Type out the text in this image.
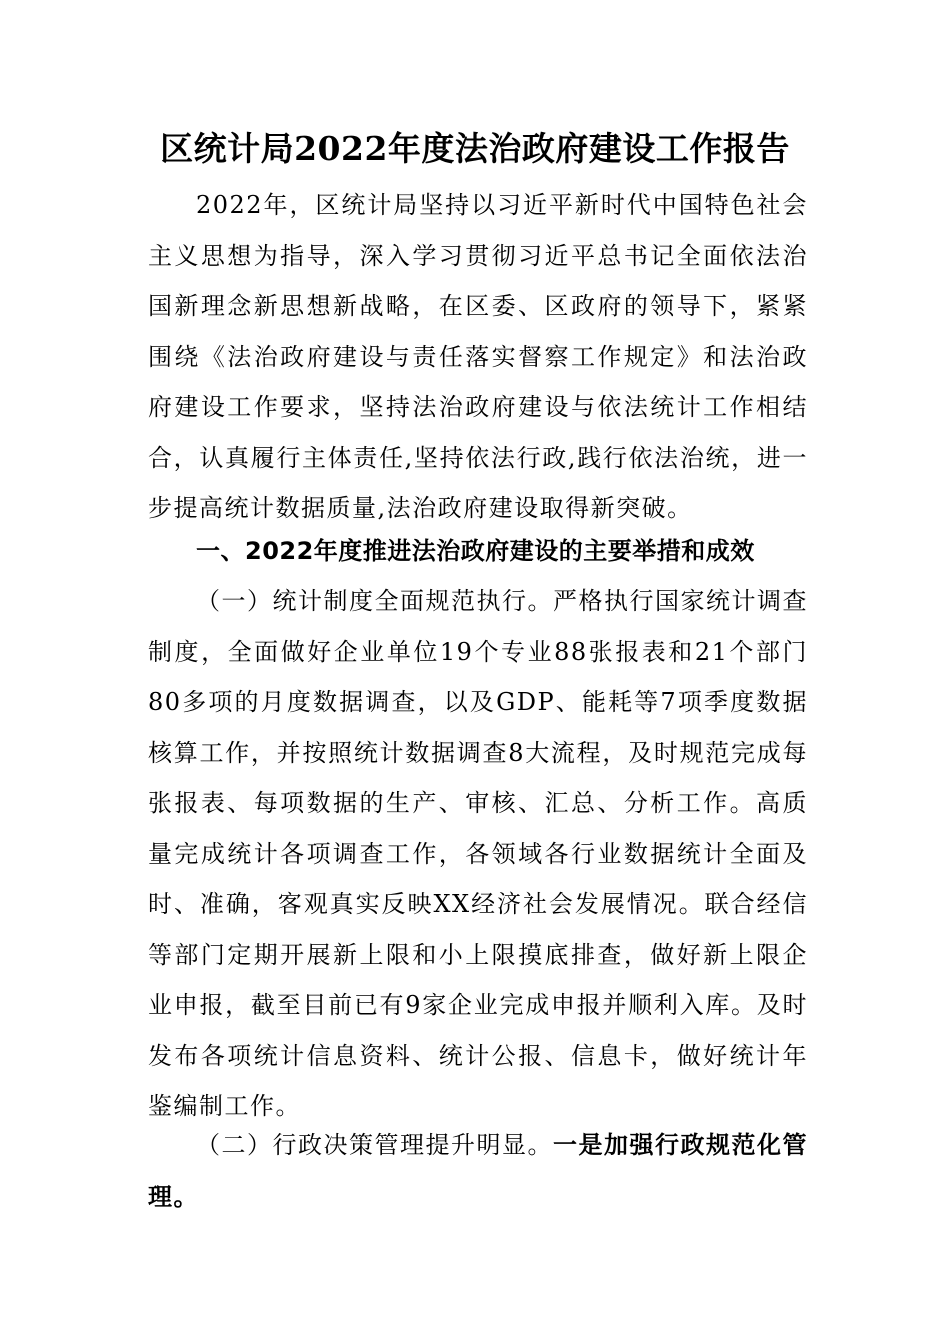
区统计局2022年度法治政府建设工作报告

2022年，区统计局坚持以习近平新时代中国特色社会主义思想为指导，深入学习贯彻习近平总书记全面依法治国新理念新思想新战略，在区委、区政府的领导下，紧紧围绕《法治政府建设与责任落实督察工作规定》和法治政府建设工作要求，坚持法治政府建设与依法统计工作相结合，认真履行主体责任,坚持依法行政,践行依法治统，进一步提高统计数据质量,法治政府建设取得新突破。

一、2022年度推进法治政府建设的主要举措和成效

（一）统计制度全面规范执行。严格执行国家统计调查制度，全面做好企业单位19个专业88张报表和21个部门80多项的月度数据调查，以及GDP、能耗等7项季度数据核算工作，并按照统计数据调查8大流程，及时规范完成每张报表、每项数据的生产、审核、汇总、分析工作。高质量完成统计各项调查工作，各领域各行业数据统计全面及时、准确，客观真实反映XX经济社会发展情况。联合经信等部门定期开展新上限和小上限摸底排查，做好新上限企业申报，截至目前已有9家企业完成申报并顺利入库。及时发布各项统计信息资料、统计公报、信息卡，做好统计年鉴编制工作。

（二）行政决策管理提升明显。一是加强行政规范化管理。
